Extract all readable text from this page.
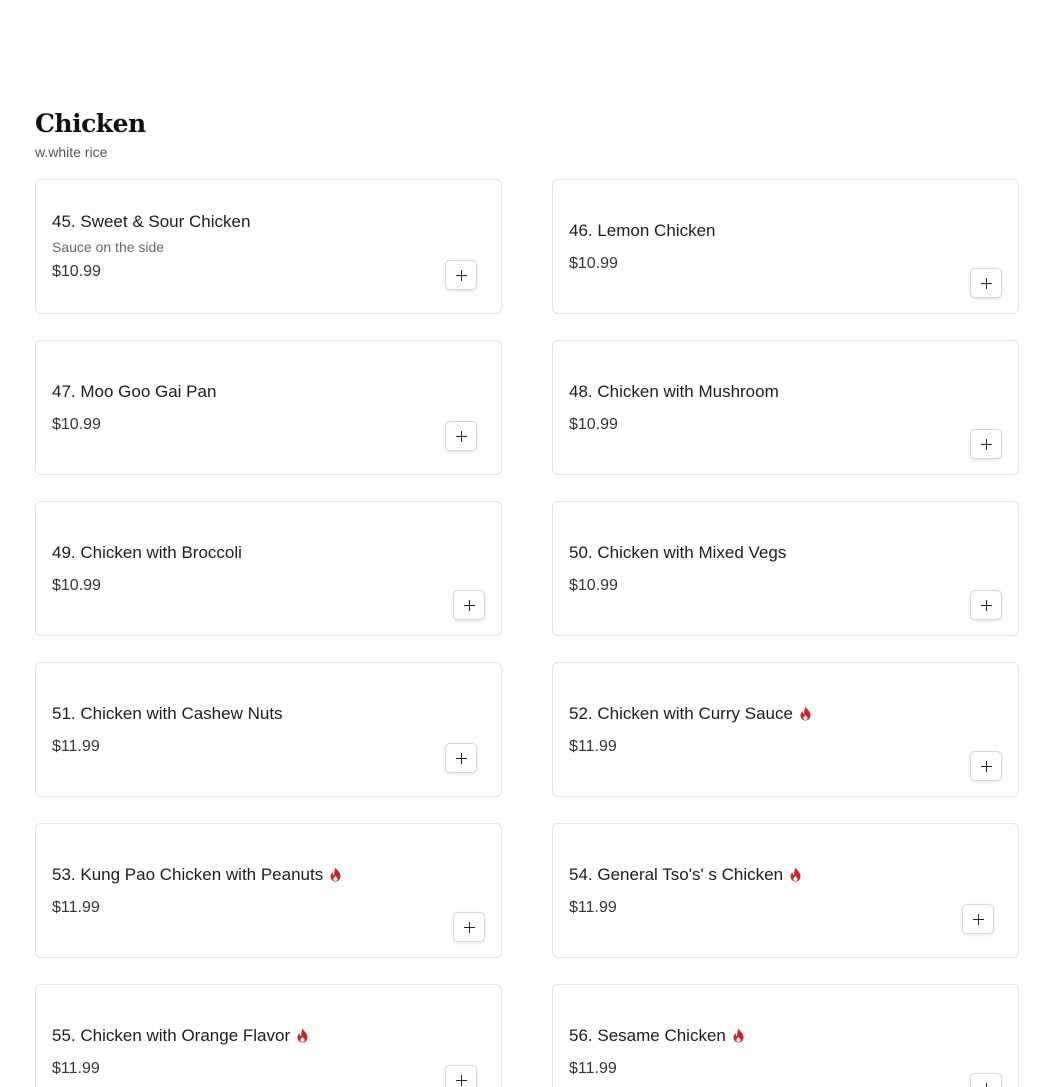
Chicken
w.white rice
45. Sweet & Sour Chicken
Sauce on the side
$10.99
46. Lemon Chicken
$10.99
47. Moo Goo Gai Pan
$10.99
48. Chicken with Mushroom
$10.99
49. Chicken with Broccoli
$10.99
50. Chicken with Mixed Vegs
$10.99
51. Chicken with Cashew Nuts
$11.99
52. Chicken with Curry Sauce
$11.99
53. Kung Pao Chicken with Peanuts
$11.99
54. General Tso's' s Chicken
$11.99
55. Chicken with Orange Flavor
$11.99
56. Sesame Chicken
$11.99
